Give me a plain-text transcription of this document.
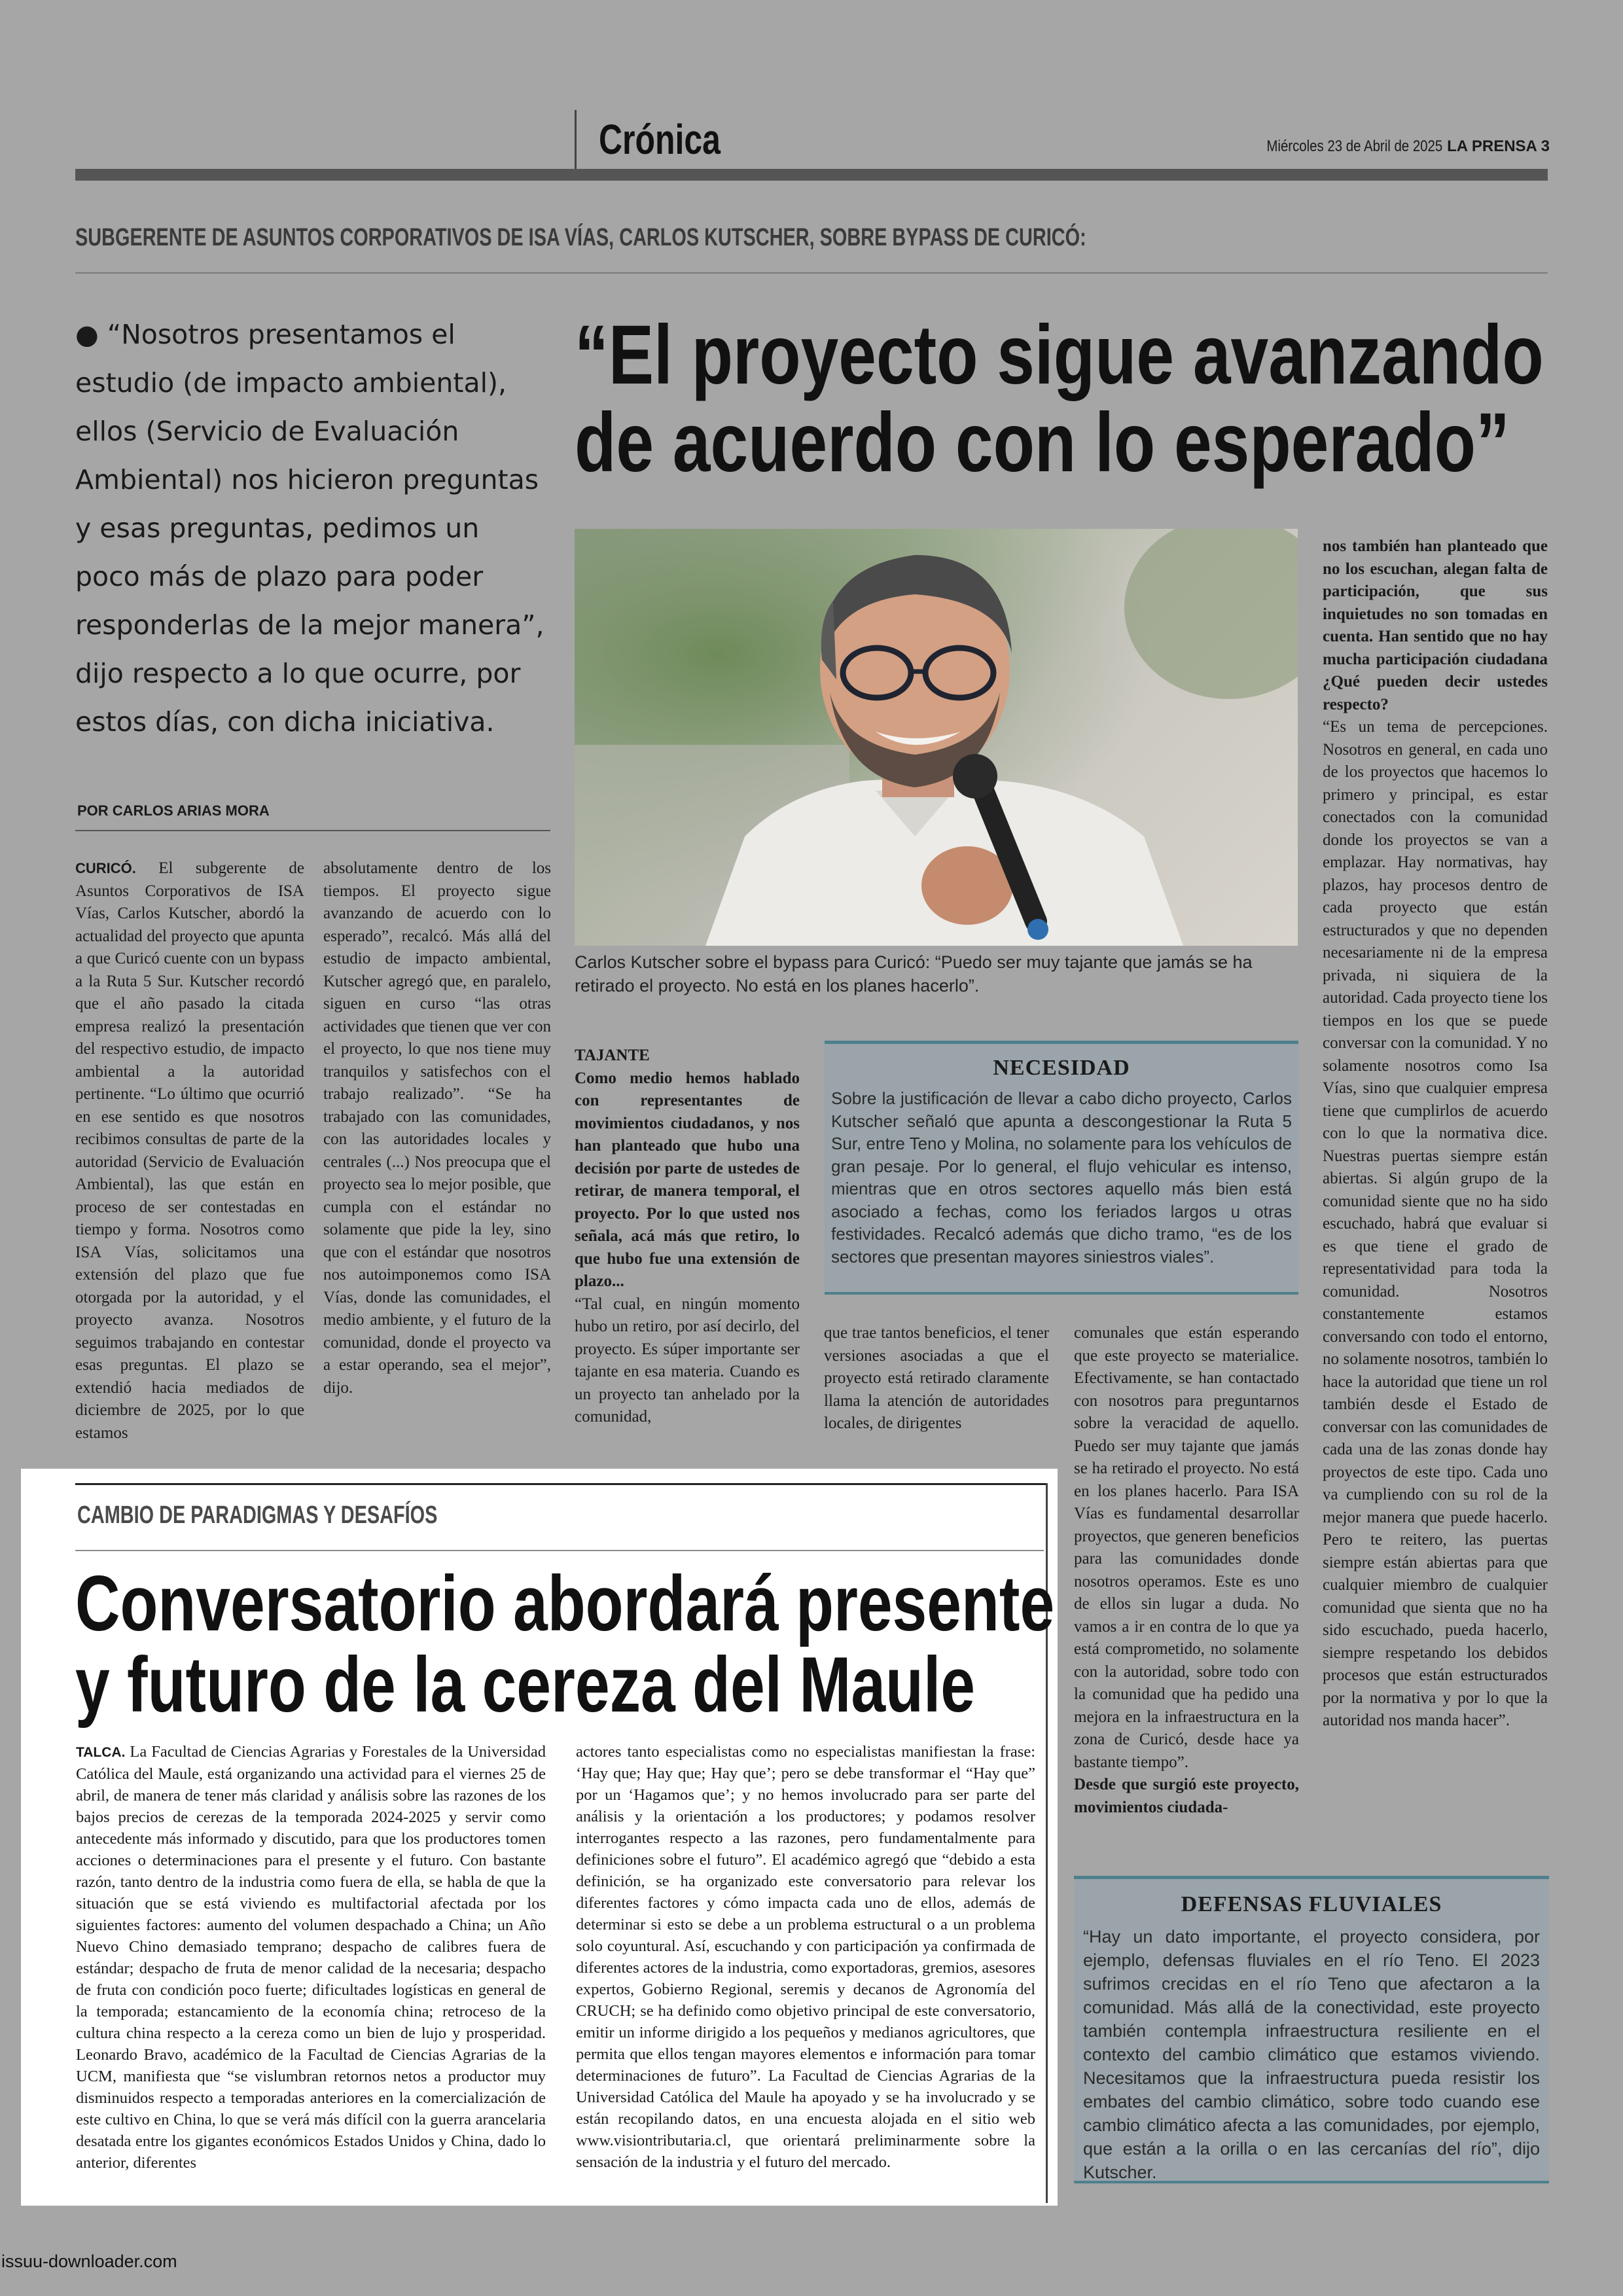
Crónica	Miércoles 23 de Abril de 2025 LA PRENSA 3
SUBGERENTE DE ASUNTOS CORPORATIVOS DE ISA VÍAS, CARLOS KUTSCHER, SOBRE BYPASS DE CURICÓ:
● “Nosotros presentamos el estudio (de impacto ambiental), ellos (Servicio de Evaluación Ambiental) nos hicieron preguntas y esas preguntas, pedimos un poco más de plazo para poder responderlas de la mejor manera”, dijo respecto a lo que ocurre, por estos días, con dicha iniciativa.
“El proyecto sigue avanzando
de acuerdo con lo esperado”
POR CARLOS ARIAS MORA
Carlos Kutscher sobre el bypass para Curicó: “Puedo ser muy tajante que jamás se ha retirado el proyecto. No está en los planes hacerlo”.
CURICÓ. El subgerente de Asuntos Corporativos de ISA Vías, Carlos Kutscher, abordó la actualidad del proyecto que apunta a que Curicó cuente con un bypass a la Ruta 5 Sur. Kutscher recordó que el año pasado la citada empresa realizó la presentación del respectivo estudio, de impacto ambiental a la autoridad pertinente. “Lo último que ocurrió en ese sentido es que nosotros recibimos consultas de parte de la autoridad (Servicio de Evaluación Ambiental), las que están en proceso de ser contestadas en tiempo y forma. Nosotros como ISA Vías, solicitamos una extensión del plazo que fue otorgada por la autoridad, y el proyecto avanza. Nosotros seguimos trabajando en contestar esas preguntas. El plazo se extendió hacia mediados de diciembre de 2025, por lo que estamos
absolutamente dentro de los tiempos. El proyecto sigue avanzando de acuerdo con lo esperado”, recalcó. Más allá del estudio de impacto ambiental, Kutscher agregó que, en paralelo, siguen en curso “las otras actividades que tienen que ver con el proyecto, lo que nos tiene muy tranquilos y satisfechos con el trabajo realizado”. “Se ha trabajado con las comunidades, con las autoridades locales y centrales (...) Nos preocupa que el proyecto sea lo mejor posible, que cumpla con el estándar no solamente que pide la ley, sino que con el estándar que nosotros nos autoimponemos como ISA Vías, donde las comunidades, el medio ambiente, y el futuro de la comunidad, donde el proyecto va a estar operando, sea el mejor”, dijo.
TAJANTE
Como medio hemos hablado con representantes de movimientos ciudadanos, y nos han planteado que hubo una decisión por parte de ustedes de retirar, de manera temporal, el proyecto. Por lo que usted nos señala, acá más que retiro, lo que hubo fue una extensión de plazo...
“Tal cual, en ningún momento hubo un retiro, por así decirlo, del proyecto. Es súper importante ser tajante en esa materia. Cuando es un proyecto tan anhelado por la comunidad,

NECESIDAD

Sobre la justificación de llevar a cabo dicho proyecto, Carlos Kutscher señaló que apunta a descongestionar la Ruta 5 Sur, entre Teno y Molina, no solamente para los vehículos de gran pesaje. Por lo general, el flujo vehicular es intenso, mientras que en otros sectores aquello más bien está asociado a fechas, como los feriados largos u otras festividades. Recalcó además que dicho tramo, “es de los sectores que presentan mayores siniestros viales”.

que trae tantos beneficios, el tener versiones asociadas a que el proyecto está retirado claramente llama la atención de autoridades locales, de dirigentes
comunales que están esperando que este proyecto se materialice. Efectivamente, se han contactado con nosotros para preguntarnos sobre la veracidad de aquello. Puedo ser muy tajante que jamás se ha retirado el proyecto. No está en los planes hacerlo. Para ISA Vías es fundamental desarrollar proyectos, que generen beneficios para las comunidades donde nosotros operamos. Este es uno de ellos sin lugar a duda. No vamos a ir en contra de lo que ya está comprometido, no solamente con la autoridad, sobre todo con la comunidad que ha pedido una mejora en la infraestructura en la zona de Curicó, desde hace ya bastante tiempo”.
Desde que surgió este proyecto, movimientos ciudada-
nos también han planteado que no los escuchan, alegan falta de participación, que sus inquietudes no son tomadas en cuenta. Han sentido que no hay mucha participación ciudadana ¿Qué pueden decir ustedes respecto?
“Es un tema de percepciones. Nosotros en general, en cada uno de los proyectos que hacemos lo primero y principal, es estar conectados con la comunidad donde los proyectos se van a emplazar. Hay normativas, hay plazos, hay procesos dentro de cada proyecto que están estructurados y que no dependen necesariamente ni de la empresa privada, ni siquiera de la autoridad. Cada proyecto tiene los tiempos en los que se puede conversar con la comunidad. Y no solamente nosotros como Isa Vías, sino que cualquier empresa tiene que cumplirlos de acuerdo con lo que la normativa dice. Nuestras puertas siempre están abiertas. Si algún grupo de la comunidad siente que no ha sido escuchado, habrá que evaluar si es que tiene el grado de representatividad para toda la comunidad. Nosotros constantemente estamos conversando con todo el entorno, no solamente nosotros, también lo hace la autoridad que tiene un rol también desde el Estado de conversar con las comunidades de cada una de las zonas donde hay proyectos de este tipo. Cada uno va cumpliendo con su rol de la mejor manera que puede hacerlo. Pero te reitero, las puertas siempre están abiertas para que cualquier miembro de cualquier comunidad que sienta que no ha sido escuchado, pueda hacerlo, siempre respetando los debidos procesos que están estructurados por la normativa y por lo que la autoridad nos manda hacer”.

DEFENSAS FLUVIALES

“Hay un dato importante, el proyecto considera, por ejemplo, defensas fluviales en el río Teno. El 2023 sufrimos crecidas en el río Teno que afectaron a la comunidad. Más allá de la conectividad, este proyecto también contempla infraestructura resiliente en el contexto del cambio climático que estamos viviendo. Necesitamos que la infraestructura pueda resistir los embates del cambio climático, sobre todo cuando ese cambio climático afecta a las comunidades, por ejemplo, que están a la orilla o en las cercanías del río”, dijo Kutscher.

CAMBIO DE PARADIGMAS Y DESAFÍOS
Conversatorio abordará presente
y futuro de la cereza del Maule
TALCA. La Facultad de Ciencias Agrarias y Forestales de la Universidad Católica del Maule, está organizando una actividad para el viernes 25 de abril, de manera de tener más claridad y análisis sobre las razones de los bajos precios de cerezas de la temporada 2024-2025 y servir como antecedente más informado y discutido, para que los productores tomen acciones o determinaciones para el presente y el futuro. Con bastante razón, tanto dentro de la industria como fuera de ella, se habla de que la situación que se está viviendo es multifactorial afectada por los siguientes factores: aumento del volumen despachado a China; un Año Nuevo Chino demasiado temprano; despacho de calibres fuera de estándar; despacho de fruta de menor calidad de la necesaria; despacho de fruta con condición poco fuerte; dificultades logísticas en general de la temporada; estancamiento de la economía china; retroceso de la cultura china respecto a la cereza como un bien de lujo y prosperidad. Leonardo Bravo, académico de la Facultad de Ciencias Agrarias de la UCM, manifiesta que “se vislumbran retornos netos a productor muy disminuidos respecto a temporadas anteriores en la comercialización de este cultivo en China, lo que se verá más difícil con la guerra arancelaria desatada entre los gigantes económicos Estados Unidos y China, dado lo anterior, diferentes
actores tanto especialistas como no especialistas manifiestan la frase: ‘Hay que; Hay que; Hay que’; pero se debe transformar el “Hay que” por un ‘Hagamos que’; y no hemos involucrado para ser parte del análisis y la orientación a los productores; y podamos resolver interrogantes respecto a las razones, pero fundamentalmente para definiciones sobre el futuro”. El académico agregó que “debido a esta definición, se ha organizado este conversatorio para relevar los diferentes factores y cómo impacta cada uno de ellos, además de determinar si esto se debe a un problema estructural o a un problema solo coyuntural. Así, escuchando y con participación ya confirmada de diferentes actores de la industria, como exportadoras, gremios, asesores expertos, Gobierno Regional, seremis y decanos de Agronomía del CRUCH; se ha definido como objetivo principal de este conversatorio, emitir un informe dirigido a los pequeños y medianos agricultores, que permita que ellos tengan mayores elementos e información para tomar determinaciones de futuro”. La Facultad de Ciencias Agrarias de la Universidad Católica del Maule ha apoyado y se ha involucrado y se están recopilando datos, en una encuesta alojada en el sitio web www.visiontributaria.cl, que orientará preliminarmente sobre la sensación de la industria y el futuro del mercado.
issuu-downloader.com
